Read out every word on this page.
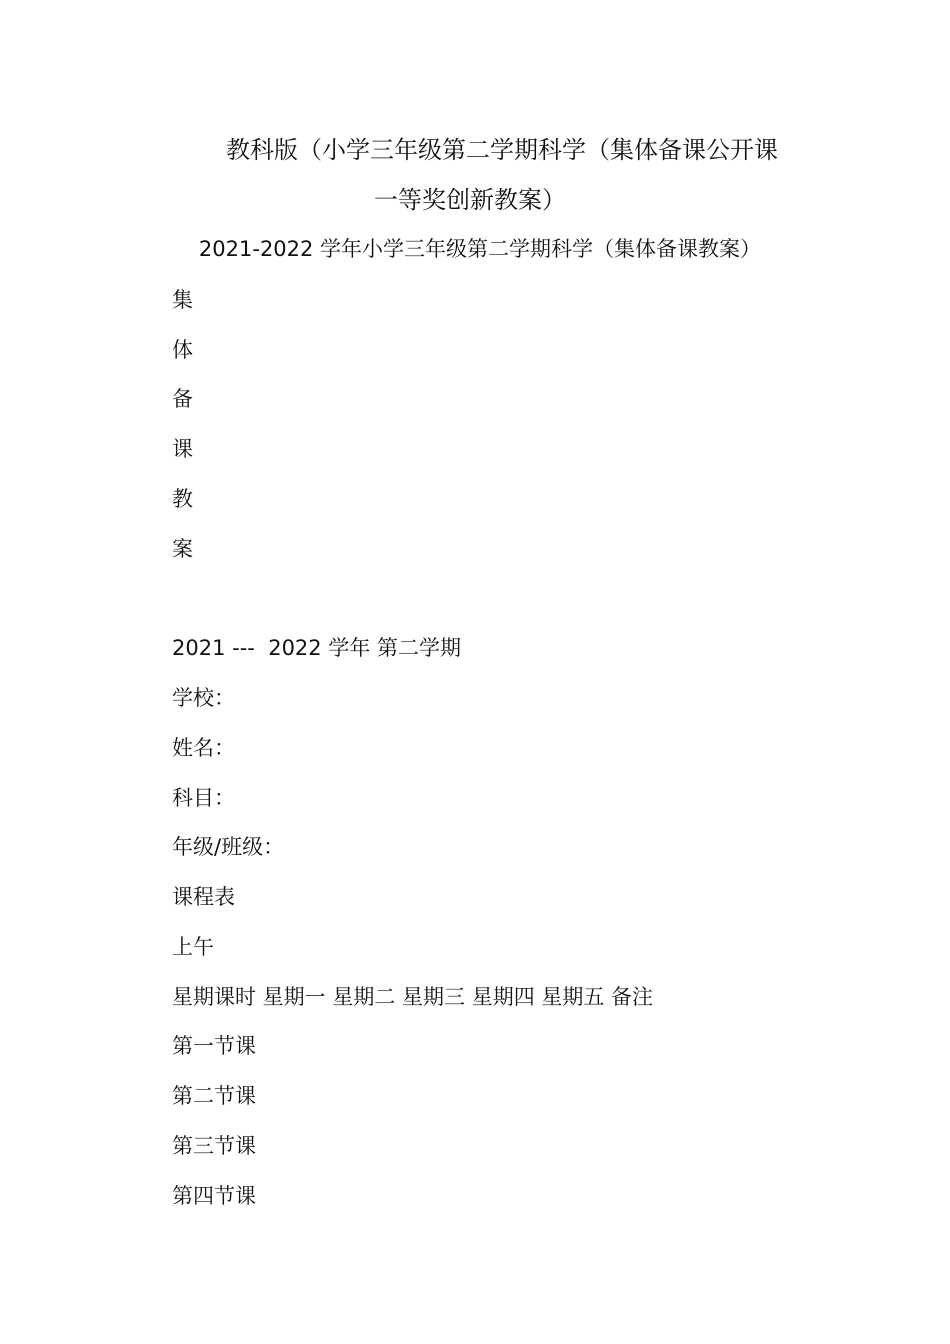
教科版（小学三年级第二学期科学（集体备课公开课
一等奖创新教案）
2021-2022 学年小学三年级第二学期科学（集体备课教案）
集
体
备
课
教
案
2021 ---  2022 学年 第二学期
学校：
姓名：
科目：
年级/班级：
课程表
上午
星期课时 星期一 星期二 星期三 星期四 星期五 备注
第一节课
第二节课
第三节课
第四节课
